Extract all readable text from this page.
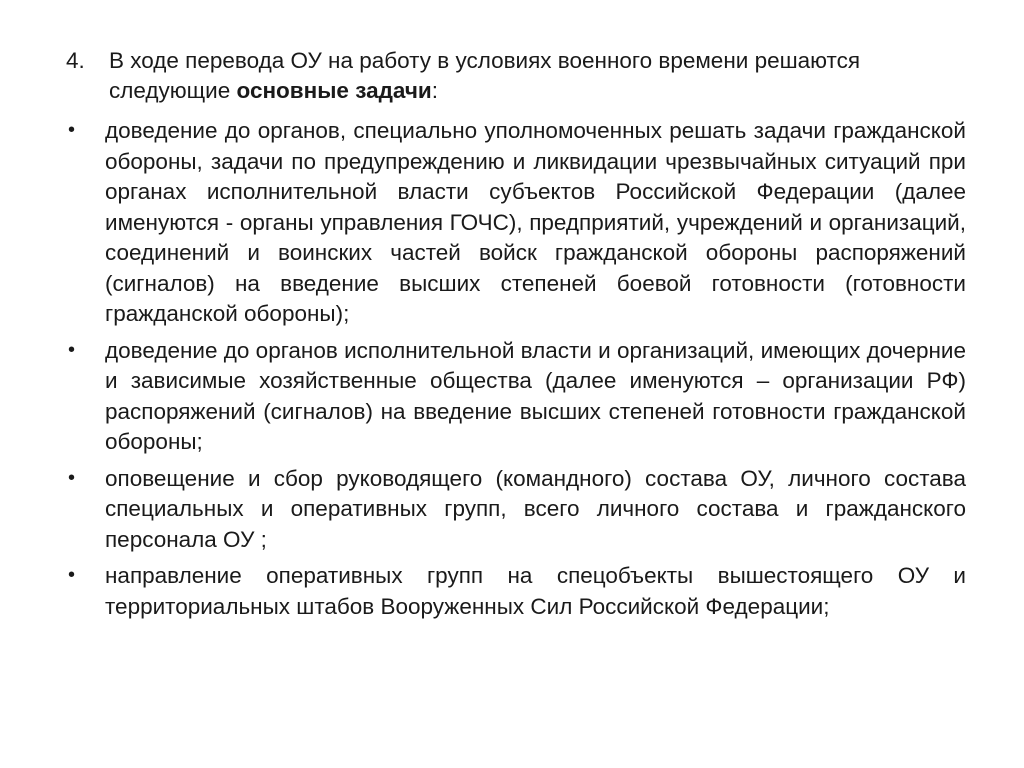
4.	В ходе перевода ОУ на работу в условиях военного времени решаются следующие основные задачи:
•	доведение до органов, специально уполномоченных решать задачи гражданской обороны, задачи по предупреждению и ликвидации чрезвычайных ситуаций при органах исполнительной власти субъектов Российской Федерации (далее именуются - органы управления ГОЧС), предприятий, учреждений и организаций, соединений и воинских частей войск гражданской обороны распоряжений (сигналов) на введение высших степеней боевой готовности (готовности гражданской обороны);
•	доведение до органов исполнительной власти и организаций, имеющих дочерние и зависимые хозяйственные общества (далее именуются – организации РФ) распоряжений (сигналов) на введение высших степеней готовности гражданской обороны;
•	оповещение и сбор руководящего (командного) состава ОУ, личного состава специальных и оперативных групп, всего личного состава и гражданского персонала ОУ ;
•	направление оперативных групп на спецобъекты вышестоящего ОУ и территориальных штабов Вооруженных Сил Российской Федерации;
